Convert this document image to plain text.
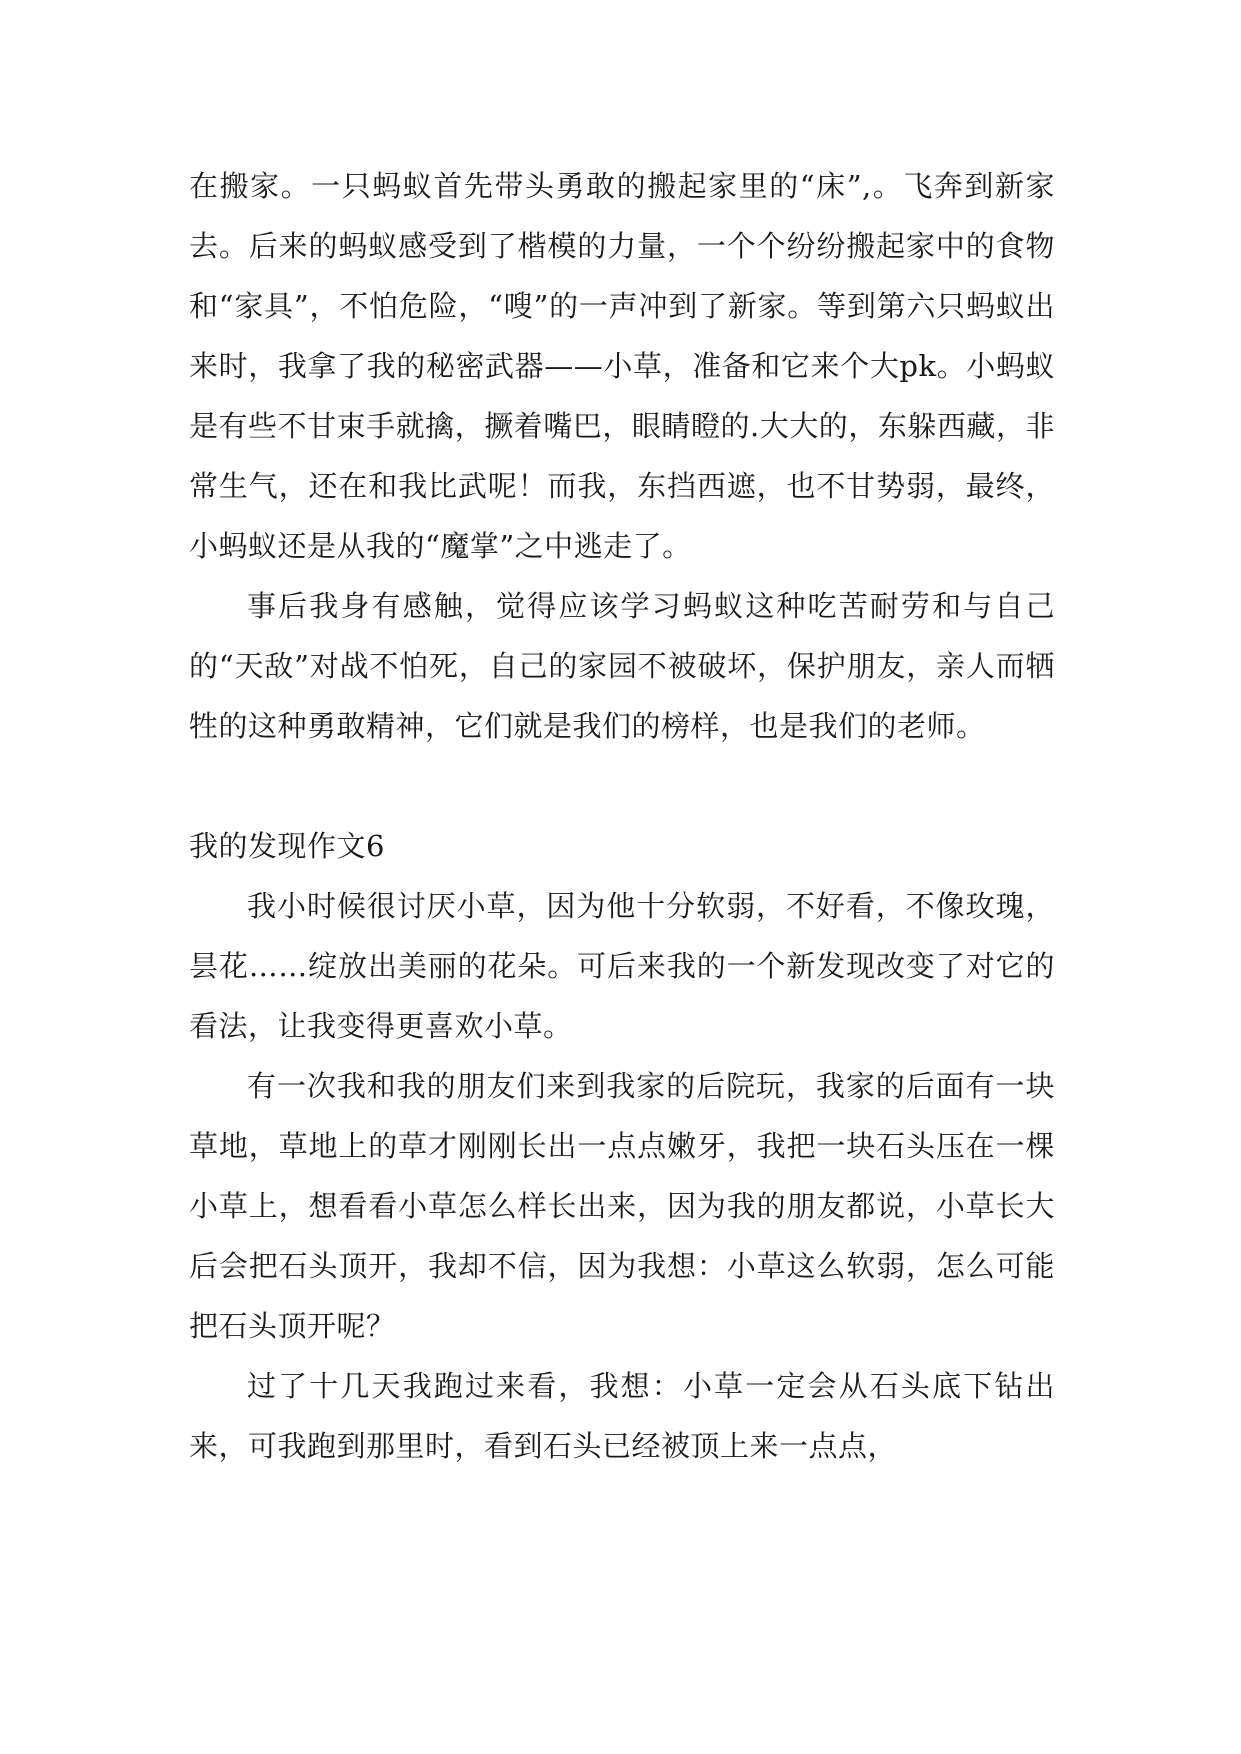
在搬家。一只蚂蚁首先带头勇敢的搬起家里的“床”,。飞奔到新家去。后来的蚂蚁感受到了楷模的力量，一个个纷纷搬起家中的食物和“家具”，不怕危险，“嗖”的一声冲到了新家。等到第六只蚂蚁出来时，我拿了我的秘密武器——小草，准备和它来个大pk。小蚂蚁是有些不甘束手就擒，撅着嘴巴，眼睛瞪的.大大的，东躲西藏，非常生气，还在和我比武呢！而我，东挡西遮，也不甘势弱，最终，小蚂蚁还是从我的“魔掌”之中逃走了。

事后我身有感触，觉得应该学习蚂蚁这种吃苦耐劳和与自己的“天敌”对战不怕死，自己的家园不被破坏，保护朋友，亲人而牺牲的这种勇敢精神，它们就是我们的榜样，也是我们的老师。

我的发现作文6

我小时候很讨厌小草，因为他十分软弱，不好看，不像玫瑰，昙花……绽放出美丽的花朵。可后来我的一个新发现改变了对它的看法，让我变得更喜欢小草。

有一次我和我的朋友们来到我家的后院玩，我家的后面有一块草地，草地上的草才刚刚长出一点点嫩牙，我把一块石头压在一棵小草上，想看看小草怎么样长出来，因为我的朋友都说，小草长大后会把石头顶开，我却不信，因为我想：小草这么软弱，怎么可能把石头顶开呢？

过了十几天我跑过来看，我想：小草一定会从石头底下钻出来，可我跑到那里时，看到石头已经被顶上来一点点，
